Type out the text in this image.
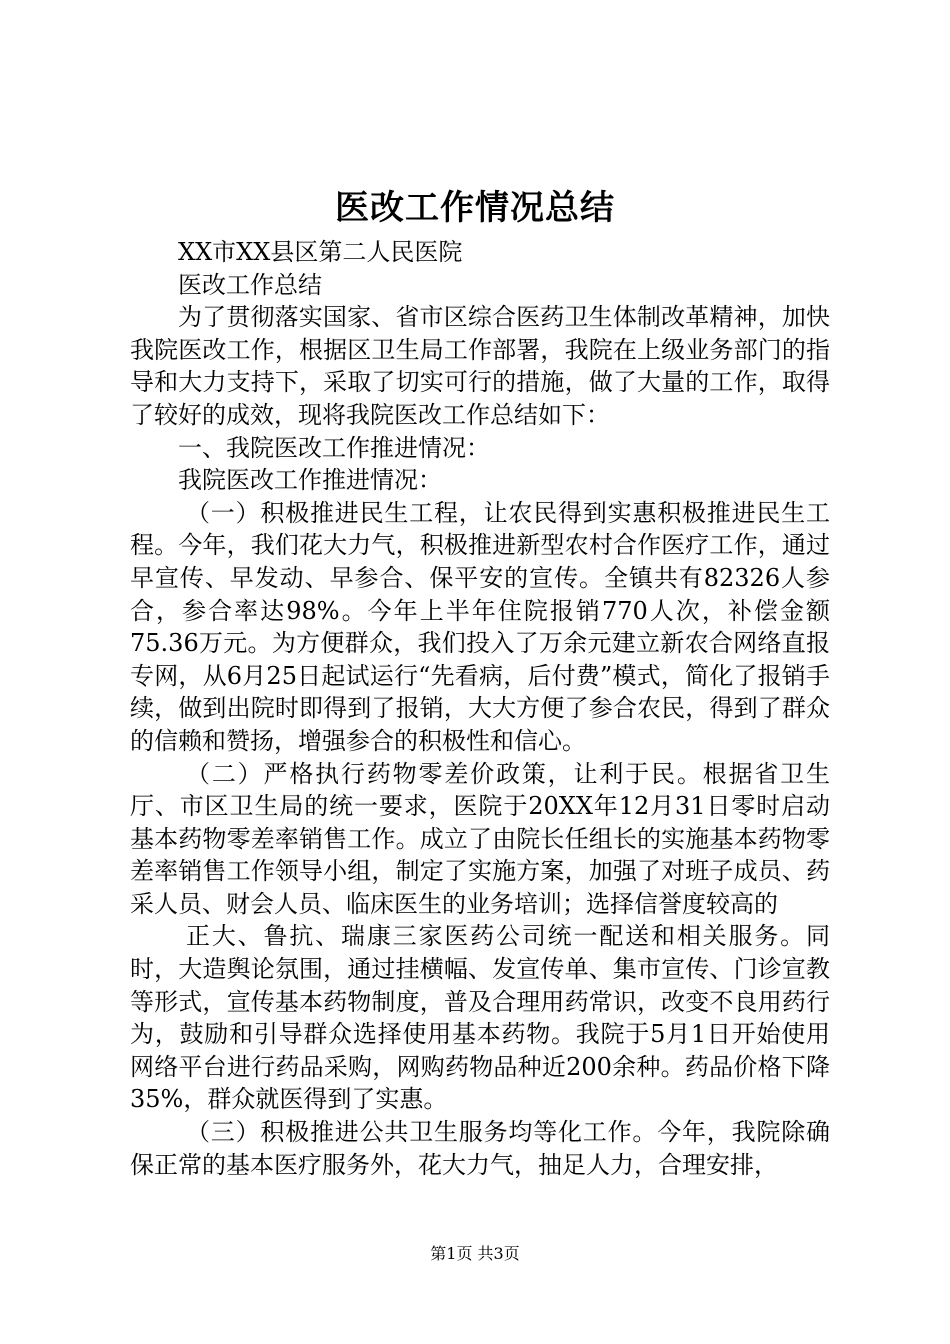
医改工作情况总结

XX市XX县区第二人民医院

医改工作总结

为了贯彻落实国家、省市区综合医药卫生体制改革精神，加快我院医改工作，根据区卫生局工作部署，我院在上级业务部门的指导和大力支持下，采取了切实可行的措施，做了大量的工作，取得了较好的成效，现将我院医改工作总结如下：

一、我院医改工作推进情况：

我院医改工作推进情况：

（一）积极推进民生工程，让农民得到实惠积极推进民生工程。今年，我们花大力气，积极推进新型农村合作医疗工作，通过早宣传、早发动、早参合、保平安的宣传。全镇共有82326人参合，参合率达98%。今年上半年住院报销770人次，补偿金额75.36万元。为方便群众，我们投入了万余元建立新农合网络直报专网，从6月25日起试运行“先看病，后付费”模式，简化了报销手续，做到出院时即得到了报销，大大方便了参合农民，得到了群众的信赖和赞扬，增强参合的积极性和信心。

（二）严格执行药物零差价政策，让利于民。根据省卫生厅、市区卫生局的统一要求，医院于20XX年12月31日零时启动基本药物零差率销售工作。成立了由院长任组长的实施基本药物零差率销售工作领导小组，制定了实施方案，加强了对班子成员、药采人员、财会人员、临床医生的业务培训；选择信誉度较高的

正大、鲁抗、瑞康三家医药公司统一配送和相关服务。同时，大造舆论氛围，通过挂横幅、发宣传单、集市宣传、门诊宣教等形式，宣传基本药物制度，普及合理用药常识，改变不良用药行为，鼓励和引导群众选择使用基本药物。我院于5月1日开始使用网络平台进行药品采购，网购药物品种近200余种。药品价格下降35%，群众就医得到了实惠。

（三）积极推进公共卫生服务均等化工作。今年，我院除确保正常的基本医疗服务外，花大力气，抽足人力，合理安排，

第1页 共3页
